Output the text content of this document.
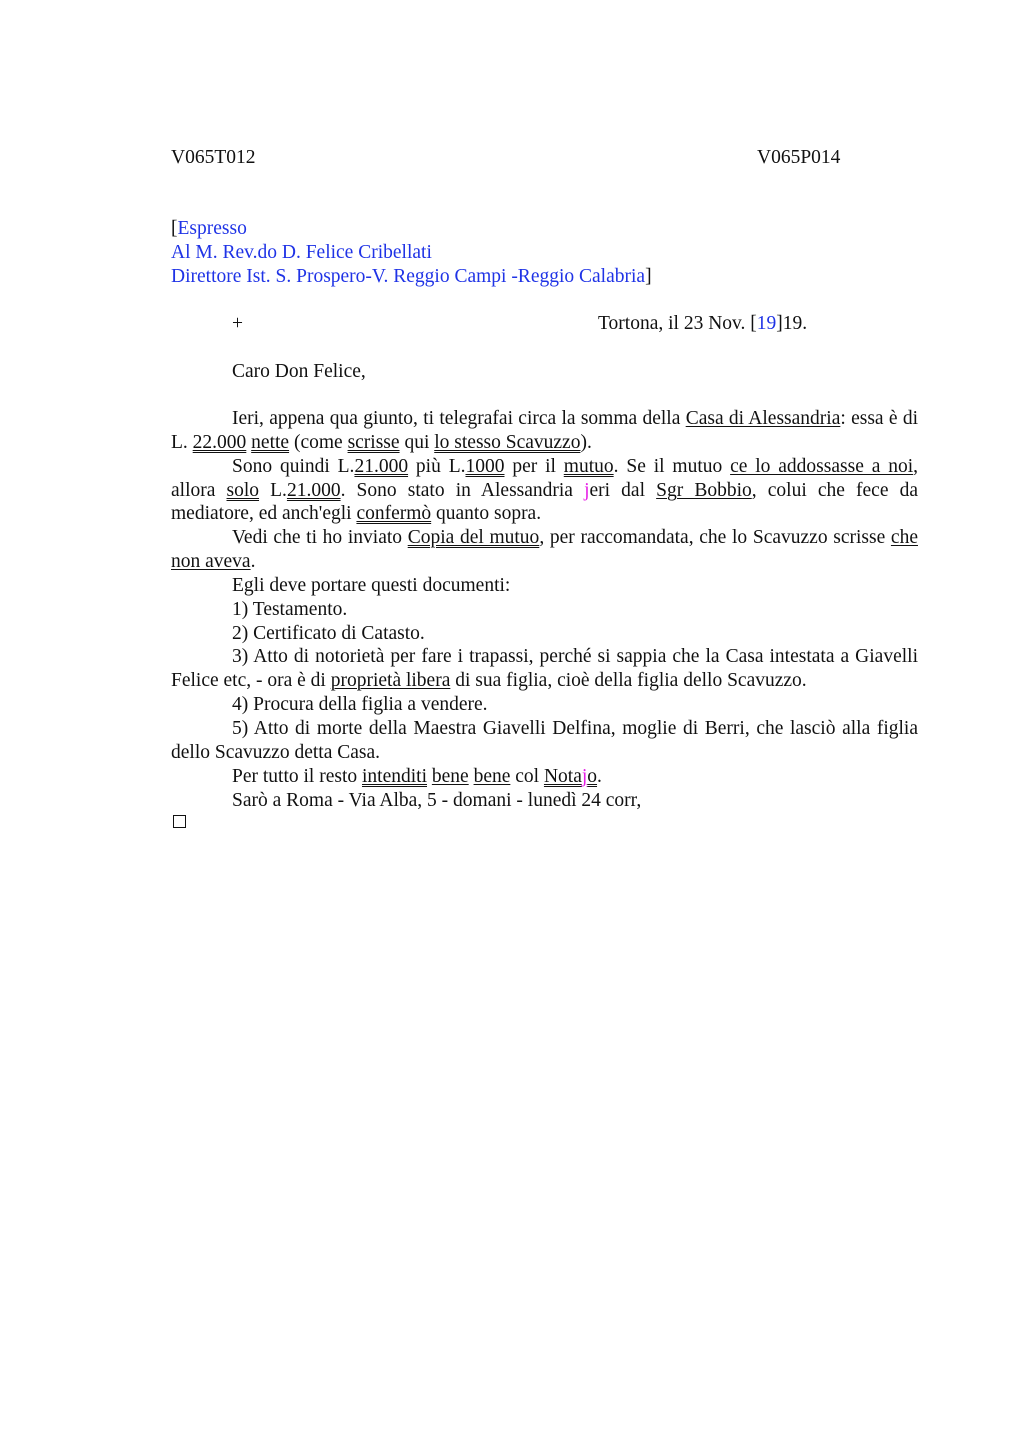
V065T012	V065P014
[Espresso
Al M. Rev.do D. Felice Cribellati
Direttore Ist. S. Prospero-V. Reggio Campi -Reggio Calabria]
+	Tortona, il 23 Nov. [19]19.
Caro Don Felice,

Ieri, appena qua giunto, ti telegrafai circa la somma della Casa di Alessandria: essa è di L. 22.000 nette (come scrisse qui lo stesso Scavuzzo).

Sono quindi L.21.000 più L.1000 per il mutuo. Se il mutuo ce lo addossasse a noi, allora solo L.21.000. Sono stato in Alessandria jeri dal Sgr Bobbio, colui che fece da mediatore, ed anch'egli confermò quanto sopra.

Vedi che ti ho inviato Copia del mutuo, per raccomandata, che lo Scavuzzo scrisse che non aveva.

Egli deve portare questi documenti:

1) Testamento.

2) Certificato di Catasto.

3) Atto di notorietà per fare i trapassi, perché si sappia che la Casa intestata a Giavelli Felice etc, - ora è di proprietà libera di sua figlia, cioè della figlia dello Scavuzzo.

4) Procura della figlia a vendere.

5) Atto di morte della Maestra Giavelli Delfina, moglie di Berri, che lasciò alla figlia dello Scavuzzo detta Casa.

Per tutto il resto intenditi bene bene col Notajo.

Sarò a Roma - Via Alba, 5 - domani - lunedì 24 corr,
